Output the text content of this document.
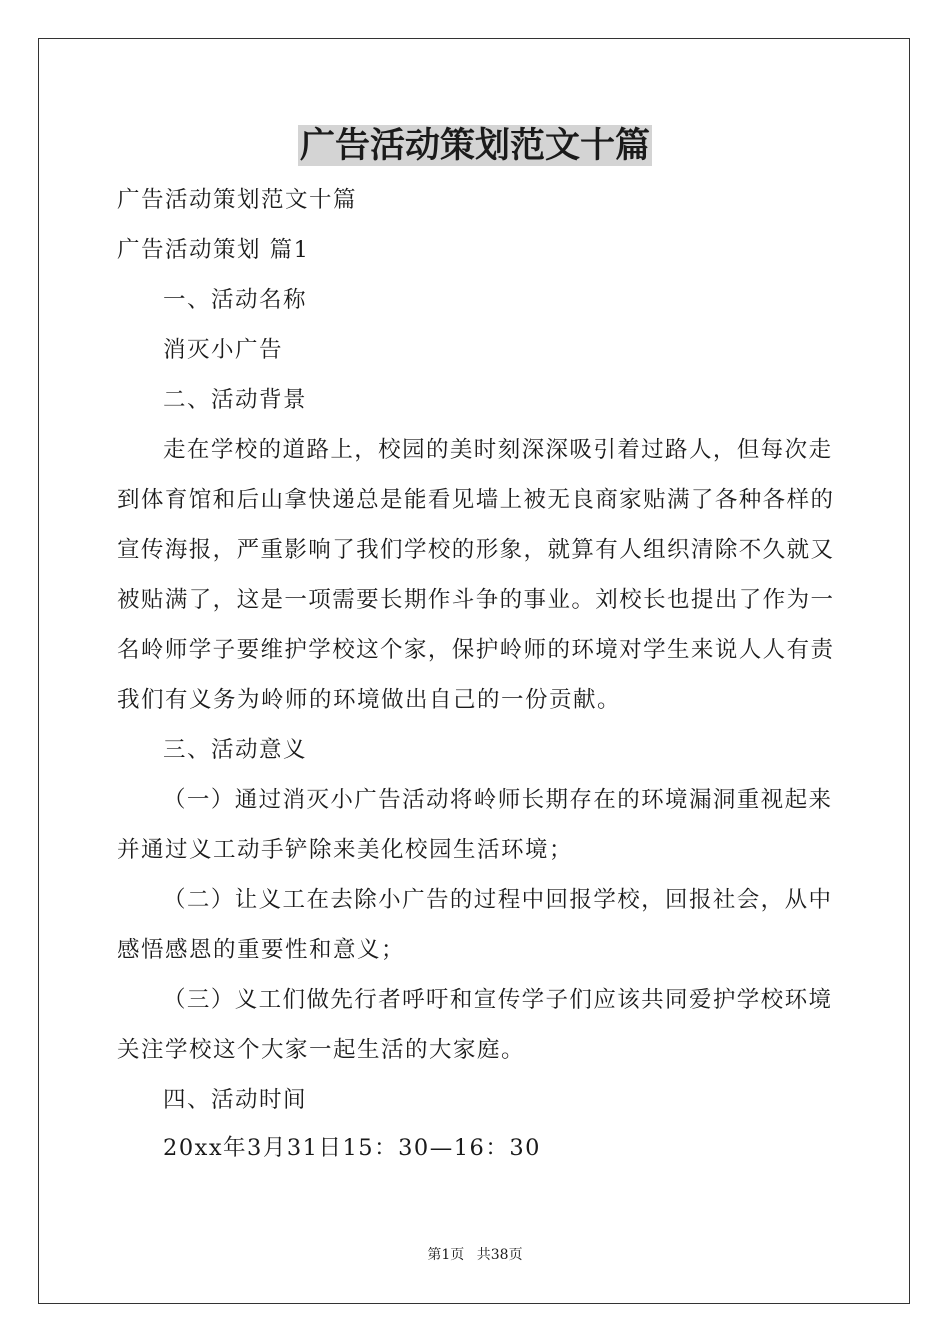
广告活动策划范文十篇
广告活动策划范文十篇
广告活动策划 篇1
一、活动名称
消灭小广告
二、活动背景
走在学校的道路上，校园的美时刻深深吸引着过路人，但每次走
到体育馆和后山拿快递总是能看见墙上被无良商家贴满了各种各样的
宣传海报，严重影响了我们学校的形象，就算有人组织清除不久就又
被贴满了，这是一项需要长期作斗争的事业。刘校长也提出了作为一
名岭师学子要维护学校这个家，保护岭师的环境对学生来说人人有责
我们有义务为岭师的环境做出自己的一份贡献。
三、活动意义
（一）通过消灭小广告活动将岭师长期存在的环境漏洞重视起来
并通过义工动手铲除来美化校园生活环境；
（二）让义工在去除小广告的过程中回报学校，回报社会，从中
感悟感恩的重要性和意义；
（三）义工们做先行者呼吁和宣传学子们应该共同爱护学校环境
关注学校这个大家一起生活的大家庭。
四、活动时间
20xx年3月31日15：30—16：30
第1页 共38页
